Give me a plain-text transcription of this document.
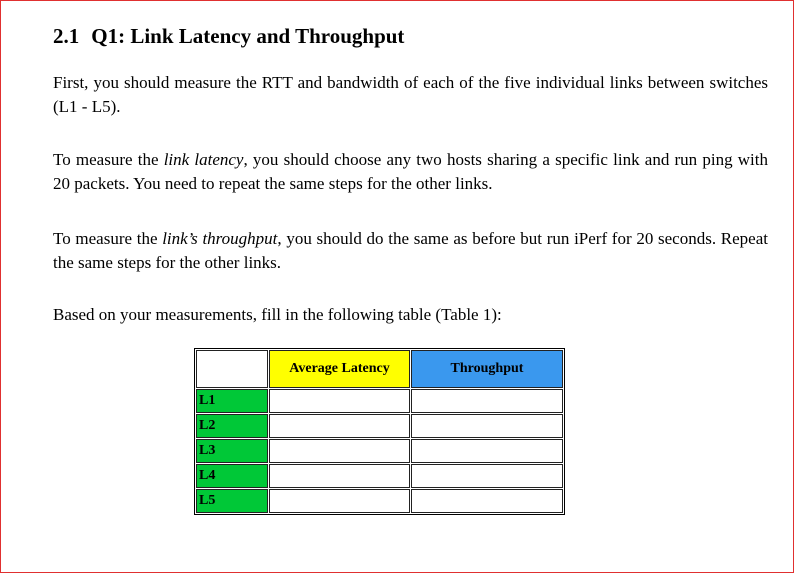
2.1 Q1: Link Latency and Throughput

First, you should measure the RTT and bandwidth of each of the five individual links between switches (L1 - L5).

To measure the link latency, you should choose any two hosts sharing a specific link and run ping with 20 packets. You need to repeat the same steps for the other links.

To measure the link’s throughput, you should do the same as before but run iPerf for 20 seconds. Repeat the same steps for the other links.

Based on your measurements, fill in the following table (Table 1):

	Average Latency	Throughput
L1		
L2		
L3		
L4		
L5		
